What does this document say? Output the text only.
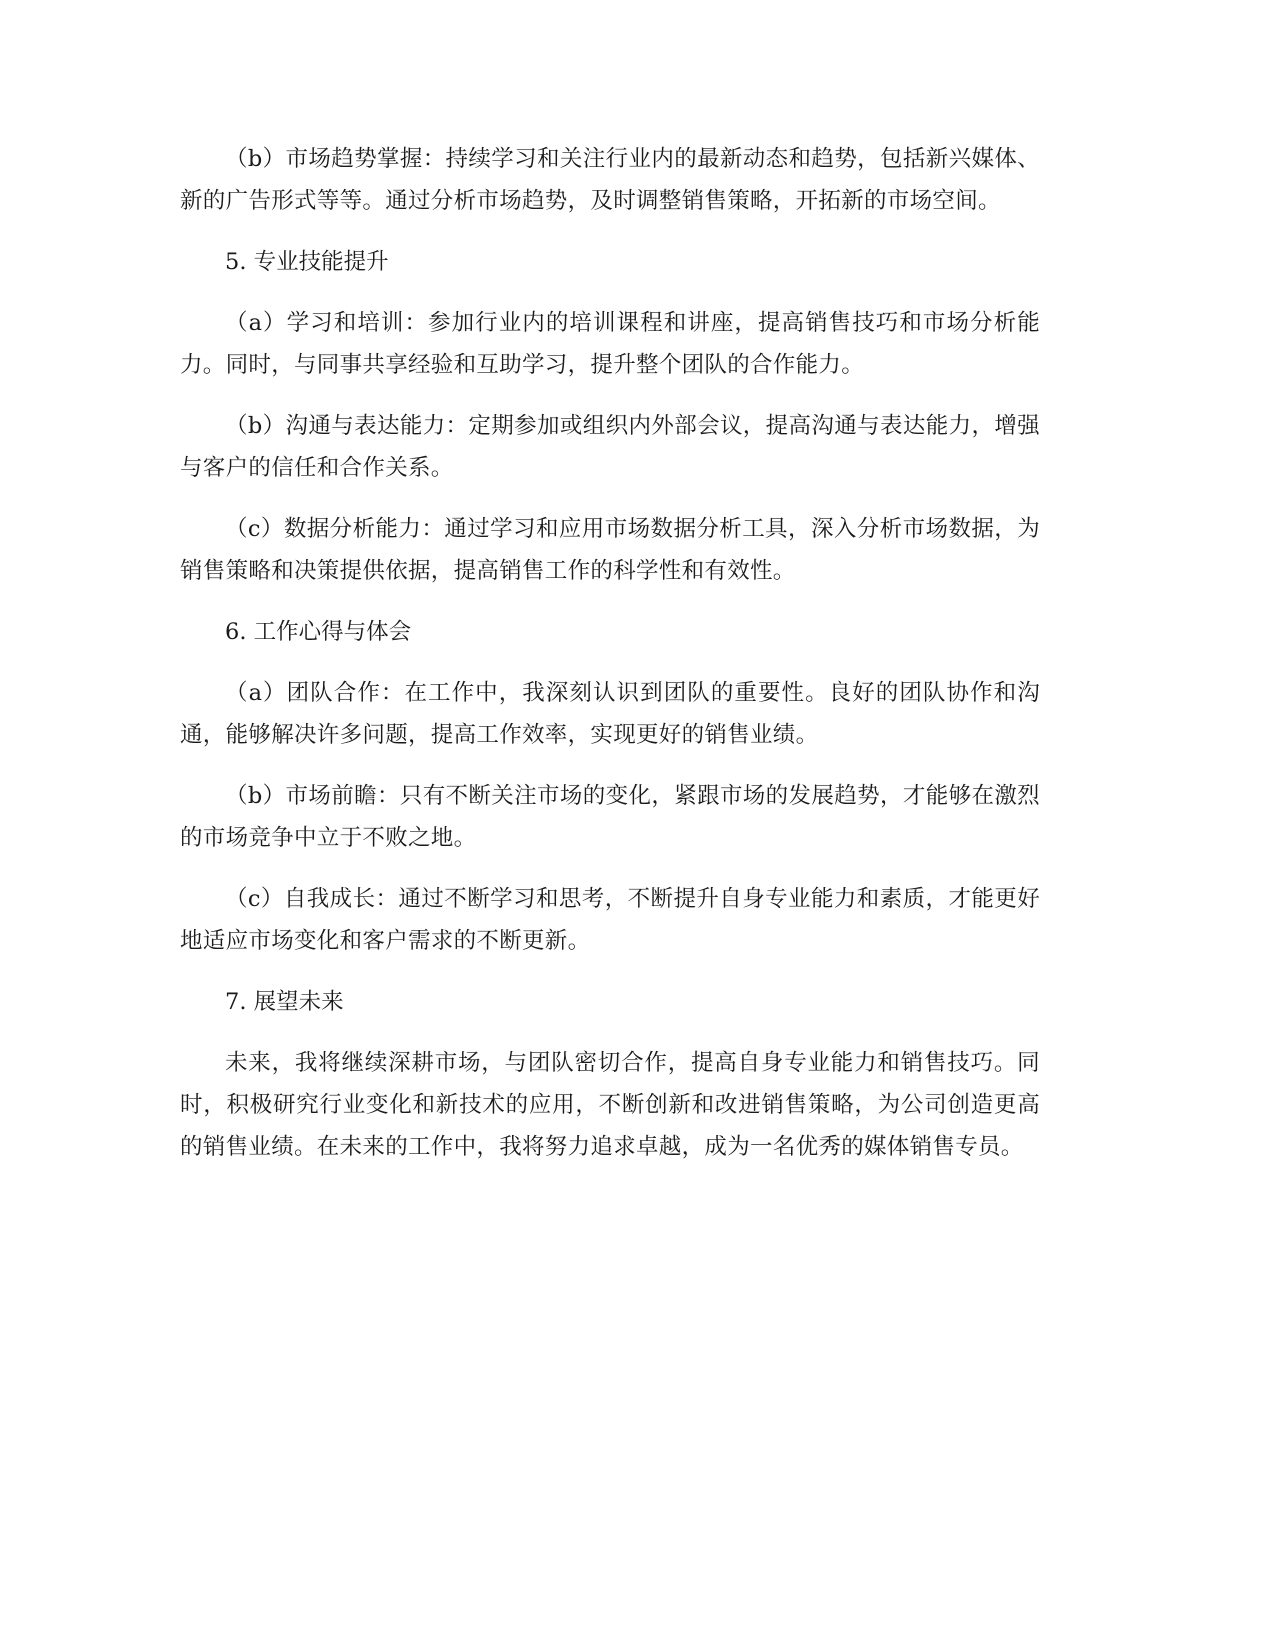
（b）市场趋势掌握：持续学习和关注行业内的最新动态和趋势，包括新兴媒体、新的广告形式等等。通过分析市场趋势，及时调整销售策略，开拓新的市场空间。

5. 专业技能提升

（a）学习和培训：参加行业内的培训课程和讲座，提高销售技巧和市场分析能力。同时，与同事共享经验和互助学习，提升整个团队的合作能力。

（b）沟通与表达能力：定期参加或组织内外部会议，提高沟通与表达能力，增强与客户的信任和合作关系。

（c）数据分析能力：通过学习和应用市场数据分析工具，深入分析市场数据，为销售策略和决策提供依据，提高销售工作的科学性和有效性。

6. 工作心得与体会

（a）团队合作：在工作中，我深刻认识到团队的重要性。良好的团队协作和沟通，能够解决许多问题，提高工作效率，实现更好的销售业绩。

（b）市场前瞻：只有不断关注市场的变化，紧跟市场的发展趋势，才能够在激烈的市场竞争中立于不败之地。

（c）自我成长：通过不断学习和思考，不断提升自身专业能力和素质，才能更好地适应市场变化和客户需求的不断更新。

7. 展望未来

未来，我将继续深耕市场，与团队密切合作，提高自身专业能力和销售技巧。同时，积极研究行业变化和新技术的应用，不断创新和改进销售策略，为公司创造更高的销售业绩。在未来的工作中，我将努力追求卓越，成为一名优秀的媒体销售专员。
